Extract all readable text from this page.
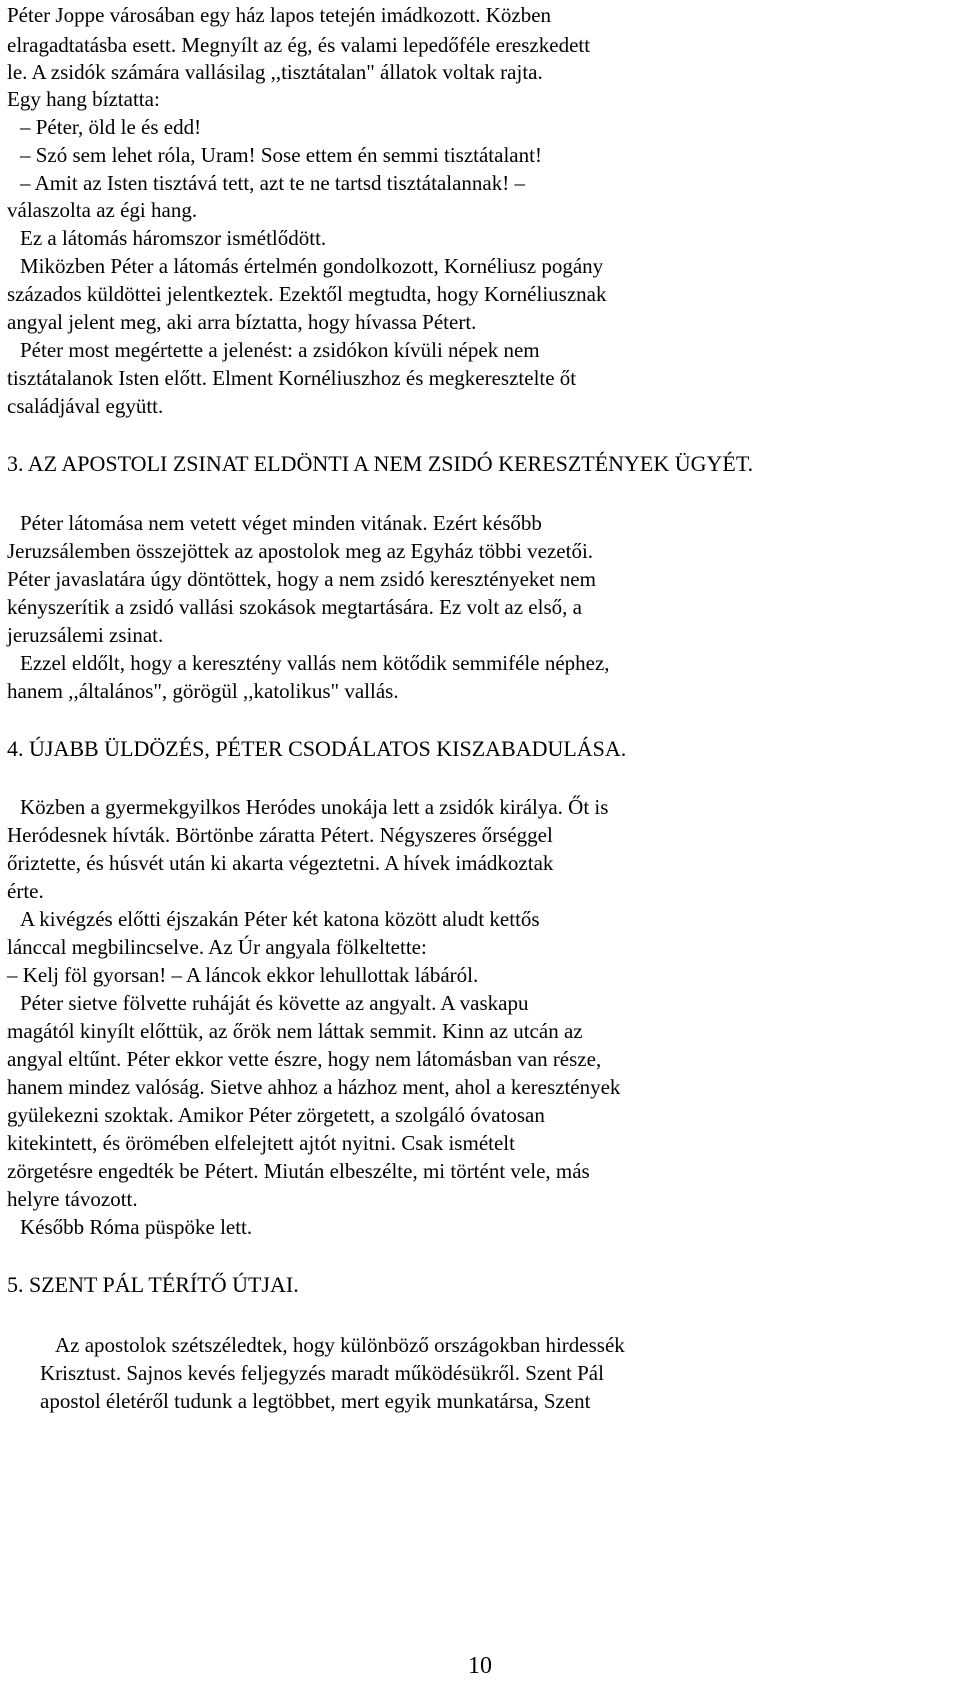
Péter Joppe városában egy ház lapos tetején imádkozott. Közben

elragadtatásba esett. Megnyílt az ég, és valami lepedőféle ereszkedett

le. A zsidók számára vallásilag ,,tisztátalan" állatok voltak rajta.

Egy hang bíztatta:

– Péter, öld le és edd!

– Szó sem lehet róla, Uram! Sose ettem én semmi tisztátalant!

– Amit az Isten tisztává tett, azt te ne tartsd tisztátalannak! –

válaszolta az égi hang.

Ez a látomás háromszor ismétlődött.

Miközben Péter a látomás értelmén gondolkozott, Kornéliusz pogány

százados küldöttei jelentkeztek. Ezektől megtudta, hogy Kornéliusznak

angyal jelent meg, aki arra bíztatta, hogy hívassa Pétert.

Péter most megértette a jelenést: a zsidókon kívüli népek nem

tisztátalanok Isten előtt. Elment Kornéliuszhoz és megkeresztelte őt

családjával együtt.

3. AZ APOSTOLI ZSINAT ELDÖNTI A NEM ZSIDÓ KERESZTÉNYEK ÜGYÉT.

Péter látomása nem vetett véget minden vitának. Ezért később

Jeruzsálemben összejöttek az apostolok meg az Egyház többi vezetői.

Péter javaslatára úgy döntöttek, hogy a nem zsidó keresztényeket nem

kényszerítik a zsidó vallási szokások megtartására. Ez volt az első, a

jeruzsálemi zsinat.

Ezzel eldőlt, hogy a keresztény vallás nem kötődik semmiféle néphez,

hanem ,,általános", görögül ,,katolikus" vallás.

4. ÚJABB ÜLDÖZÉS, PÉTER CSODÁLATOS KISZABADULÁSA.

Közben a gyermekgyilkos Heródes unokája lett a zsidók királya. Őt is

Heródesnek hívták. Börtönbe záratta Pétert. Négyszeres őrséggel

őriztette, és húsvét után ki akarta végeztetni. A hívek imádkoztak

érte.

A kivégzés előtti éjszakán Péter két katona között aludt kettős

lánccal megbilincselve. Az Úr angyala fölkeltette:

– Kelj föl gyorsan! – A láncok ekkor lehullottak lábáról.

Péter sietve fölvette ruháját és követte az angyalt. A vaskapu

magától kinyílt előttük, az őrök nem láttak semmit. Kinn az utcán az

angyal eltűnt. Péter ekkor vette észre, hogy nem látomásban van része,

hanem mindez valóság. Sietve ahhoz a házhoz ment, ahol a keresztények

gyülekezni szoktak. Amikor Péter zörgetett, a szolgáló óvatosan

kitekintett, és örömében elfelejtett ajtót nyitni. Csak ismételt

zörgetésre engedték be Pétert. Miután elbeszélte, mi történt vele, más

helyre távozott.

Később Róma püspöke lett.

5. SZENT PÁL TÉRÍTŐ ÚTJAI.

Az apostolok szétszéledtek, hogy különböző országokban hirdessék

Krisztust. Sajnos kevés feljegyzés maradt működésükről. Szent Pál

apostol életéről tudunk a legtöbbet, mert egyik munkatársa, Szent

10
